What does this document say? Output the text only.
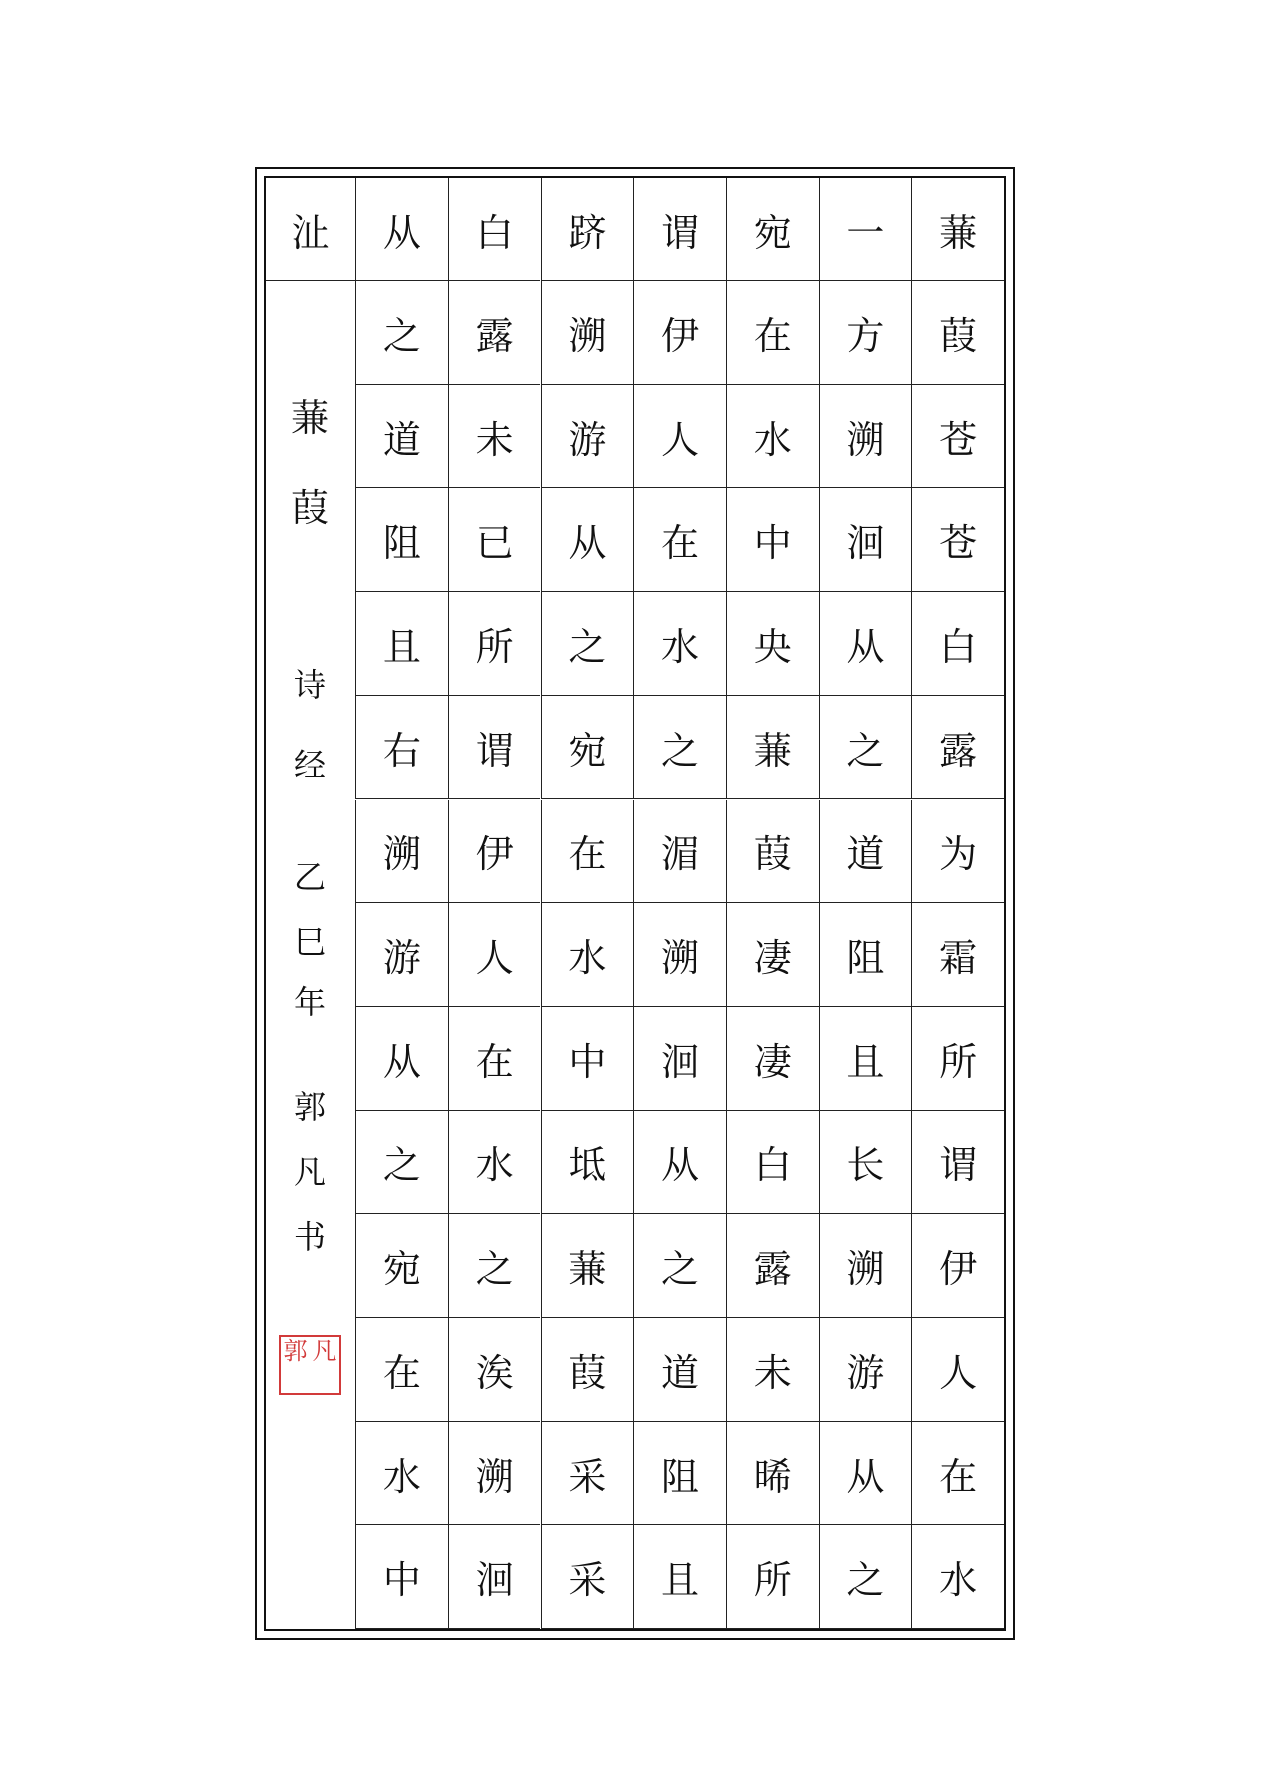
蒹
葭
苍
苍
白
露
为
霜
所
谓
伊
人
在
水
一
方
溯
洄
从
之
道
阻
且
长
溯
游
从
之
宛
在
水
中
央
蒹
葭
凄
凄
白
露
未
晞
所
谓
伊
人
在
水
之
湄
溯
洄
从
之
道
阻
且
跻
溯
游
从
之
宛
在
水
中
坻
蒹
葭
采
采
白
露
未
已
所
谓
伊
人
在
水
之
涘
溯
洄
从
之
道
阻
且
右
溯
游
从
之
宛
在
水
中
沚
蒹
葭
诗
经
乙
巳
年
郭
凡
书
郭 凡
